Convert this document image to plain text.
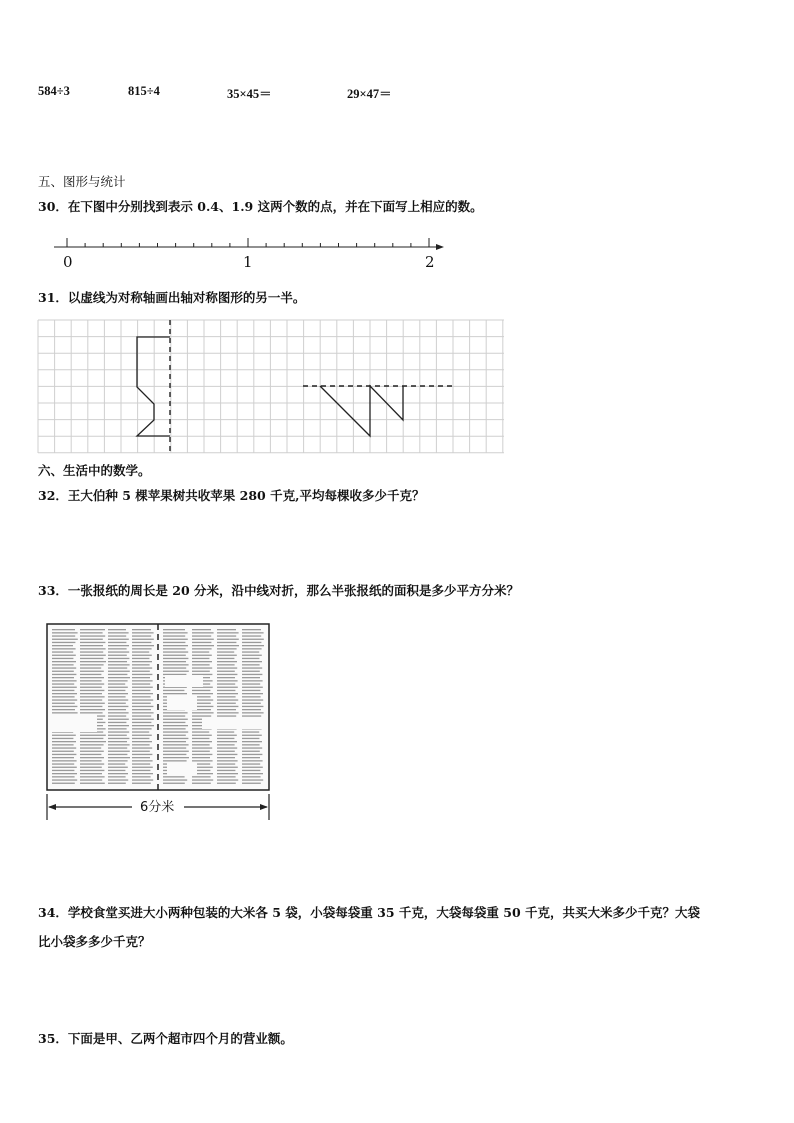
584÷3	815÷4	35×45＝	29×47＝
五、图形与统计
30．在下图中分别找到表示 0.4、1.9 这两个数的点，并在下面写上相应的数。
0	1	2
31．以虚线为对称轴画出轴对称图形的另一半。
六、生活中的数学。
32．王大伯种 5 棵苹果树共收苹果 280 千克,平均每棵收多少千克？
33．一张报纸的周长是 20 分米，沿中线对折，那么半张报纸的面积是多少平方分米？
6分米
34．学校食堂买进大小两种包装的大米各 5 袋，小袋每袋重 35 千克，大袋每袋重 50 千克，共买大米多少千克？大袋
比小袋多多少千克？
35．下面是甲、乙两个超市四个月的营业额。
